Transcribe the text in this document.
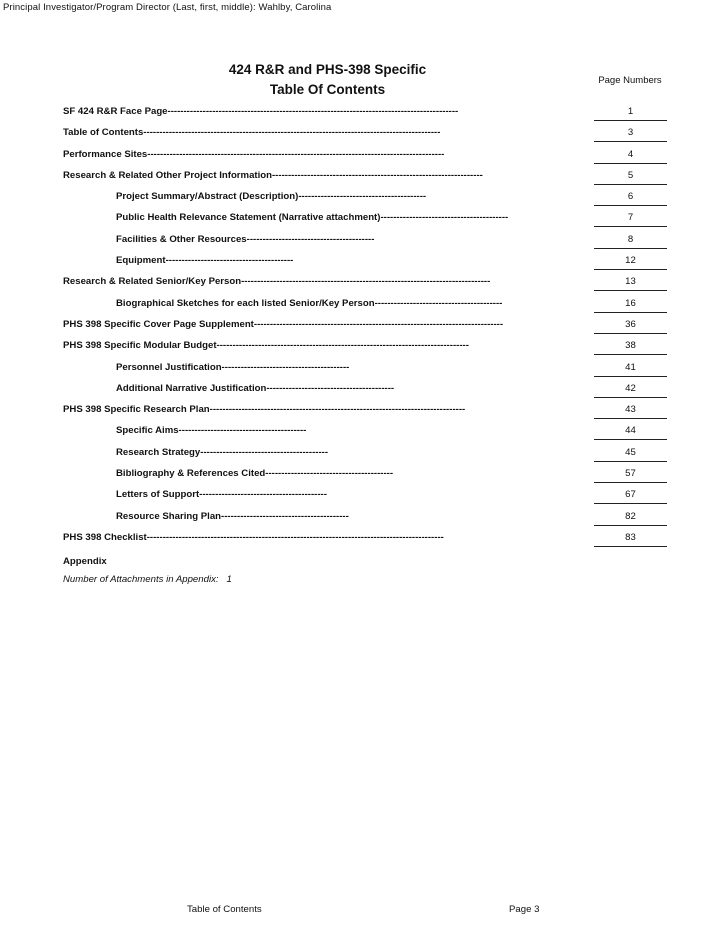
Principal Investigator/Program Director (Last, first, middle): Wahlby, Carolina
424 R&R and PHS-398 Specific
Table Of Contents
Page Numbers
SF 424 R&R Face Page-------------------------------------------------------------------------------------------	1
Table of Contents---------------------------------------------------------------------------------------------	3
Performance Sites---------------------------------------------------------------------------------------------	4
Research & Related Other Project Information------------------------------------------------------------------	5
Project Summary/Abstract (Description)----------------------------------------	6
Public Health Relevance Statement (Narrative attachment)----------------------------------------	7
Facilities & Other Resources----------------------------------------	8
Equipment----------------------------------------	12
Research & Related Senior/Key Person------------------------------------------------------------------------------	13
Biographical Sketches for each listed Senior/Key Person----------------------------------------	16
PHS 398 Specific Cover Page Supplement------------------------------------------------------------------------------	36
PHS 398 Specific Modular Budget-------------------------------------------------------------------------------	38
Personnel Justification----------------------------------------	41
Additional Narrative Justification----------------------------------------	42
PHS 398 Specific Research Plan--------------------------------------------------------------------------------	43
Specific Aims----------------------------------------	44
Research Strategy----------------------------------------	45
Bibliography & References Cited----------------------------------------	57
Letters of Support----------------------------------------	67
Resource Sharing Plan----------------------------------------	82
PHS 398 Checklist---------------------------------------------------------------------------------------------	83
Appendix
Number of Attachments in Appendix: 1
Table of Contents	Page 3
